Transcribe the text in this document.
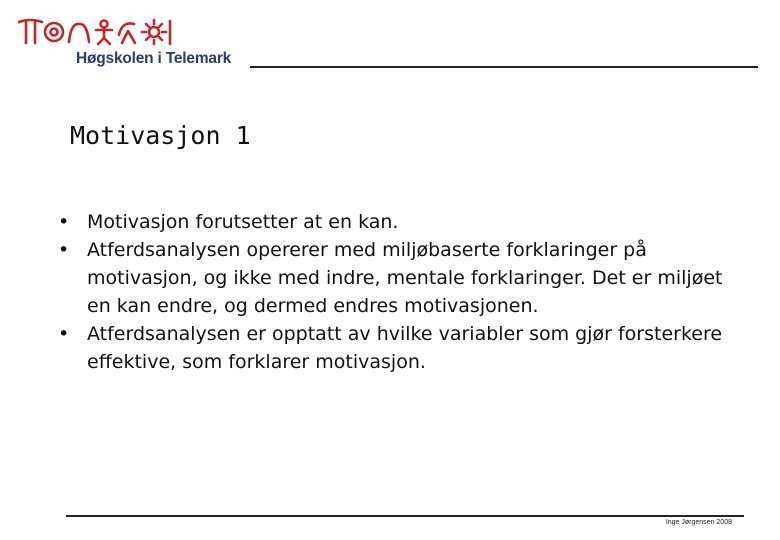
Høgskolen i Telemark
Motivasjon 1
• Motivasjon forutsetter at en kan.
• Atferdsanalysen opererer med miljøbaserte forklaringer på motivasjon, og ikke med indre, mentale forklaringer. Det er miljøet en kan endre, og dermed endres motivasjonen.
• Atferdsanalysen er opptatt av hvilke variabler som gjør forsterkere effektive, som forklarer motivasjon.
Inge Jørgensen 2008
